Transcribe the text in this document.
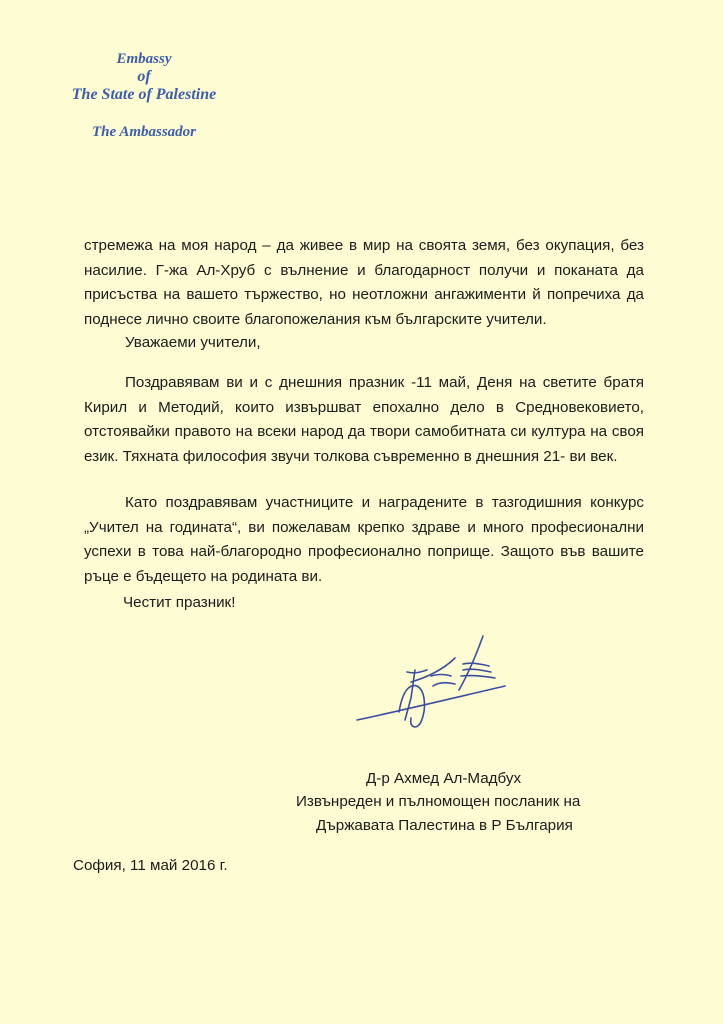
Embassy
of
The State of Palestine
The Ambassador

стремежа на моя народ – да живее в мир на своята земя, без окупация, без насилие. Г-жа Ал-Хруб с вълнение и благодарност получи и поканата да присъства на вашето тържество, но неотложни ангажименти й попречиха да поднесе лично своите благопожелания към българските учители.

Уважаеми учители,

Поздравявам ви и с днешния празник -11 май, Деня на светите братя Кирил и Методий, които извършват епохално дело в Средновековието, отстоявайки правото на всеки народ да твори самобитната си култура на своя език. Тяхната философия звучи толкова съвременно в днешния 21- ви век.

Като поздравявам участниците и наградените в тазгодишния конкурс „Учител на годината“, ви пожелавам крепко здраве и много професионални успехи в това най-благородно професионално поприще. Защото във вашите ръце е бъдещето на родината ви.

Честит празник!
Д-р Ахмед Ал-Мадбух
Извънреден и пълномощен посланик на
Държавата Палестина в Р България
София, 11 май 2016 г.
